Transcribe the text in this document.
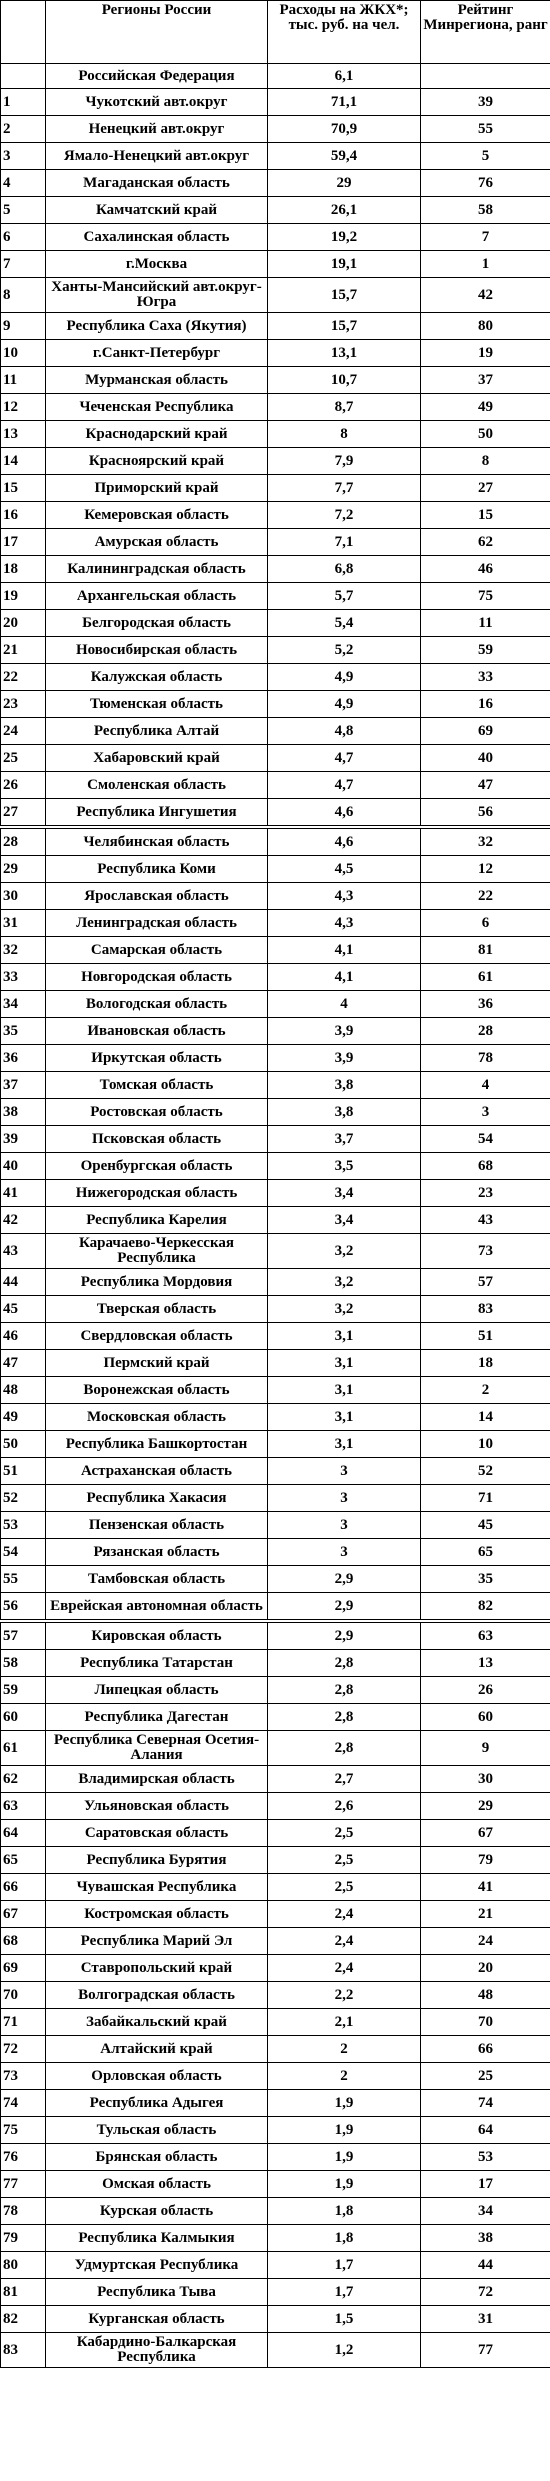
	Регионы России	Расходы на ЖКХ*; тыс. руб. на чел.	Рейтинг Минрегиона, ранг
	Российская Федерация	6,1	
1	Чукотский авт.округ	71,1	39
2	Ненецкий авт.округ	70,9	55
3	Ямало-Ненецкий авт.округ	59,4	5
4	Магаданская область	29	76
5	Камчатский край	26,1	58
6	Сахалинская область	19,2	7
7	г.Москва	19,1	1
8	Ханты-Мансийский авт.округ-Югра	15,7	42
9	Республика Саха (Якутия)	15,7	80
10	г.Санкт-Петербург	13,1	19
11	Мурманская область	10,7	37
12	Чеченская Республика	8,7	49
13	Краснодарский край	8	50
14	Красноярский край	7,9	8
15	Приморский край	7,7	27
16	Кемеровская область	7,2	15
17	Амурская область	7,1	62
18	Калининградская область	6,8	46
19	Архангельская область	5,7	75
20	Белгородская область	5,4	11
21	Новосибирская область	5,2	59
22	Калужская область	4,9	33
23	Тюменская область	4,9	16
24	Республика Алтай	4,8	69
25	Хабаровский край	4,7	40
26	Смоленская область	4,7	47
27	Республика Ингушетия	4,6	56
28	Челябинская область	4,6	32
29	Республика Коми	4,5	12
30	Ярославская область	4,3	22
31	Ленинградская область	4,3	6
32	Самарская область	4,1	81
33	Новгородская область	4,1	61
34	Вологодская область	4	36
35	Ивановская область	3,9	28
36	Иркутская область	3,9	78
37	Томская область	3,8	4
38	Ростовская область	3,8	3
39	Псковская область	3,7	54
40	Оренбургская область	3,5	68
41	Нижегородская область	3,4	23
42	Республика Карелия	3,4	43
43	Карачаево-Черкесская Республика	3,2	73
44	Республика Мордовия	3,2	57
45	Тверская область	3,2	83
46	Свердловская область	3,1	51
47	Пермский край	3,1	18
48	Воронежская область	3,1	2
49	Московская область	3,1	14
50	Республика Башкортостан	3,1	10
51	Астраханская область	3	52
52	Республика Хакасия	3	71
53	Пензенская область	3	45
54	Рязанская область	3	65
55	Тамбовская область	2,9	35
56	Еврейская автономная область	2,9	82
57	Кировская область	2,9	63
58	Республика Татарстан	2,8	13
59	Липецкая область	2,8	26
60	Республика Дагестан	2,8	60
61	Республика Северная Осетия-Алания	2,8	9
62	Владимирская область	2,7	30
63	Ульяновская область	2,6	29
64	Саратовская область	2,5	67
65	Республика Бурятия	2,5	79
66	Чувашская Республика	2,5	41
67	Костромская область	2,4	21
68	Республика Марий Эл	2,4	24
69	Ставропольский край	2,4	20
70	Волгоградская область	2,2	48
71	Забайкальский край	2,1	70
72	Алтайский край	2	66
73	Орловская область	2	25
74	Республика Адыгея	1,9	74
75	Тульская область	1,9	64
76	Брянская область	1,9	53
77	Омская область	1,9	17
78	Курская область	1,8	34
79	Республика Калмыкия	1,8	38
80	Удмуртская Республика	1,7	44
81	Республика Тыва	1,7	72
82	Курганская область	1,5	31
83	Кабардино-Балкарская Республика	1,2	77
